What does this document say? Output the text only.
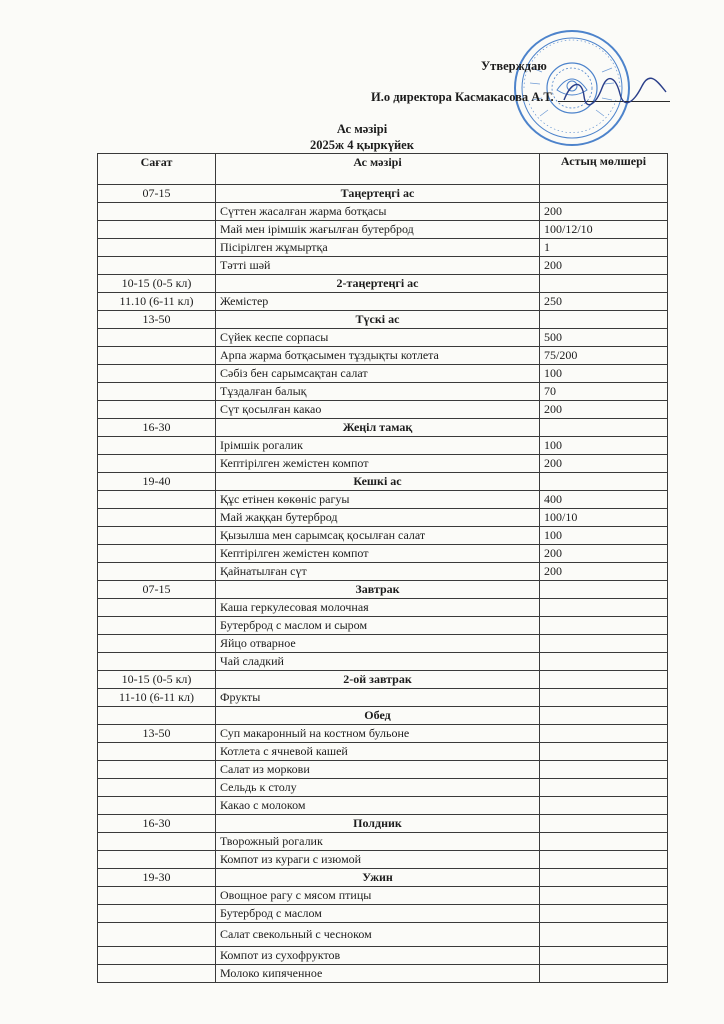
Утверждаю
И.о директора Касмакасова А.Т.
Ас мәзірі
2025ж 4 қыркүйек
Сағат	Ас мәзірі	Астың мөлшері
07-15	Таңертеңгі ас	
	Сүттен жасалған жарма ботқасы	200
	Май мен ірімшік жағылған бутерброд	100/12/10
	Пісірілген жұмыртқа	1
	Тәтті шәй	200
10-15 (0-5 кл)	2-таңертеңгі ас	
11.10 (6-11 кл)	Жемістер	250
13-50	Түскі ас	
	Сүйек кеспе сорпасы	500
	Арпа жарма ботқасымен тұздықты котлета	75/200
	Сәбіз бен сарымсақтан салат	100
	Тұздалған балық	70
	Сүт қосылған какао	200
16-30	Жеңіл тамақ	
	Ірімшік рогалик	100
	Кептірілген жемістен компот	200
19-40	Кешкі ас	
	Құс етінен көкөніс рагуы	400
	Май жаққан бутерброд	100/10
	Қызылша мен сарымсақ қосылған салат	100
	Кептірілген жемістен компот	200
	Қайнатылған сүт	200
07-15	Завтрак	
	Каша геркулесовая молочная	
	Бутерброд с маслом и сыром	
	Яйцо отварное	
	Чай сладкий	
10-15 (0-5 кл)	2-ой завтрак	
11-10 (6-11 кл)	Фрукты	
	Обед	
13-50	Суп макаронный на костном бульоне	
	Котлета с ячневой кашей	
	Салат из моркови	
	Сельдь к столу	
	Какао с молоком	
16-30	Полдник	
	Творожный рогалик	
	Компот из кураги с изюмой	
19-30	Ужин	
	Овощное рагу с мясом птицы	
	Бутерброд с маслом	
	Салат свекольный с чесноком	
	Компот из сухофруктов	
	Молоко кипяченное	
